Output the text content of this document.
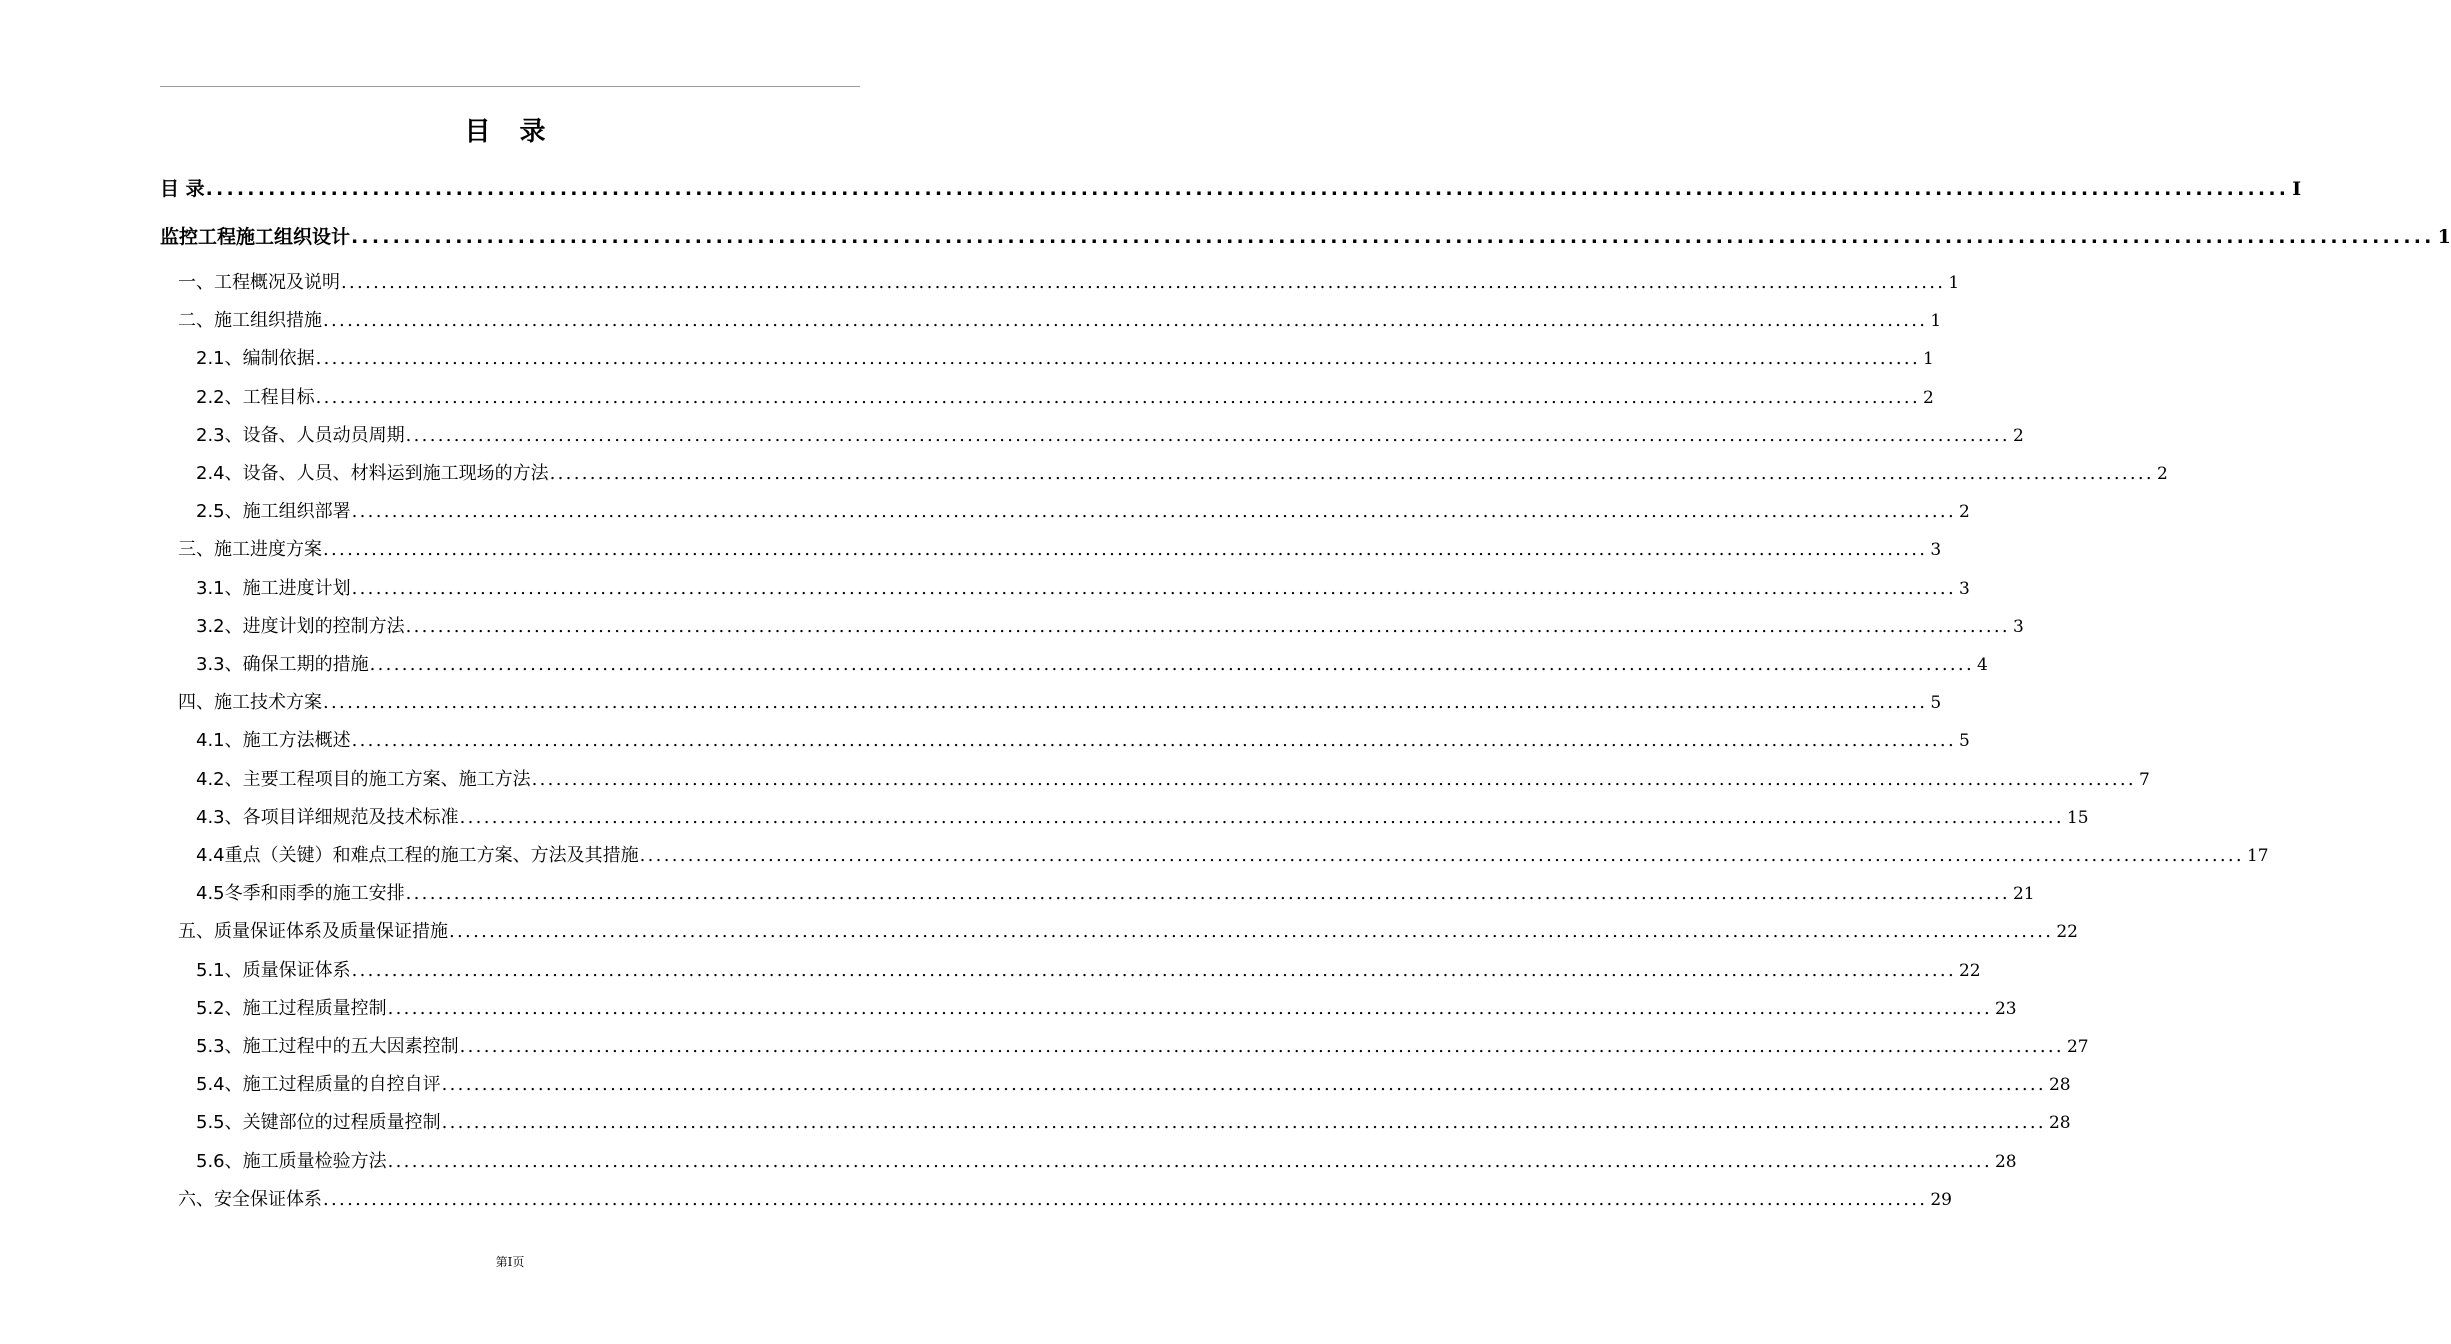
目 录
目 录 ........................................................................................................................................................................................................ I
监控工程施工组织设计 ........................................................................................................................................................................................................ 1
一、工程概况及说明 ........................................................................................................................................................................................................ 1
二、施工组织措施 ........................................................................................................................................................................................................ 1
2.1、编制依据 ........................................................................................................................................................................................................ 1
2.2、工程目标 ........................................................................................................................................................................................................ 2
2.3、设备、人员动员周期 ........................................................................................................................................................................................................ 2
2.4、设备、人员、材料运到施工现场的方法 ........................................................................................................................................................................................................ 2
2.5、施工组织部署 ........................................................................................................................................................................................................ 2
三、施工进度方案 ........................................................................................................................................................................................................ 3
3.1、施工进度计划 ........................................................................................................................................................................................................ 3
3.2、进度计划的控制方法 ........................................................................................................................................................................................................ 3
3.3、确保工期的措施 ........................................................................................................................................................................................................ 4
四、施工技术方案 ........................................................................................................................................................................................................ 5
4.1、施工方法概述 ........................................................................................................................................................................................................ 5
4.2、主要工程项目的施工方案、施工方法 ........................................................................................................................................................................................................ 7
4.3、各项目详细规范及技术标准 ........................................................................................................................................................................................................ 15
4.4重点（关键）和难点工程的施工方案、方法及其措施 ........................................................................................................................................................................................................ 17
4.5冬季和雨季的施工安排 ........................................................................................................................................................................................................ 21
五、质量保证体系及质量保证措施 ........................................................................................................................................................................................................ 22
5.1、质量保证体系 ........................................................................................................................................................................................................ 22
5.2、施工过程质量控制 ........................................................................................................................................................................................................ 23
5.3、施工过程中的五大因素控制 ........................................................................................................................................................................................................ 27
5.4、施工过程质量的自控自评 ........................................................................................................................................................................................................ 28
5.5、关键部位的过程质量控制 ........................................................................................................................................................................................................ 28
5.6、施工质量检验方法 ........................................................................................................................................................................................................ 28
六、安全保证体系 ........................................................................................................................................................................................................ 29
第I页
